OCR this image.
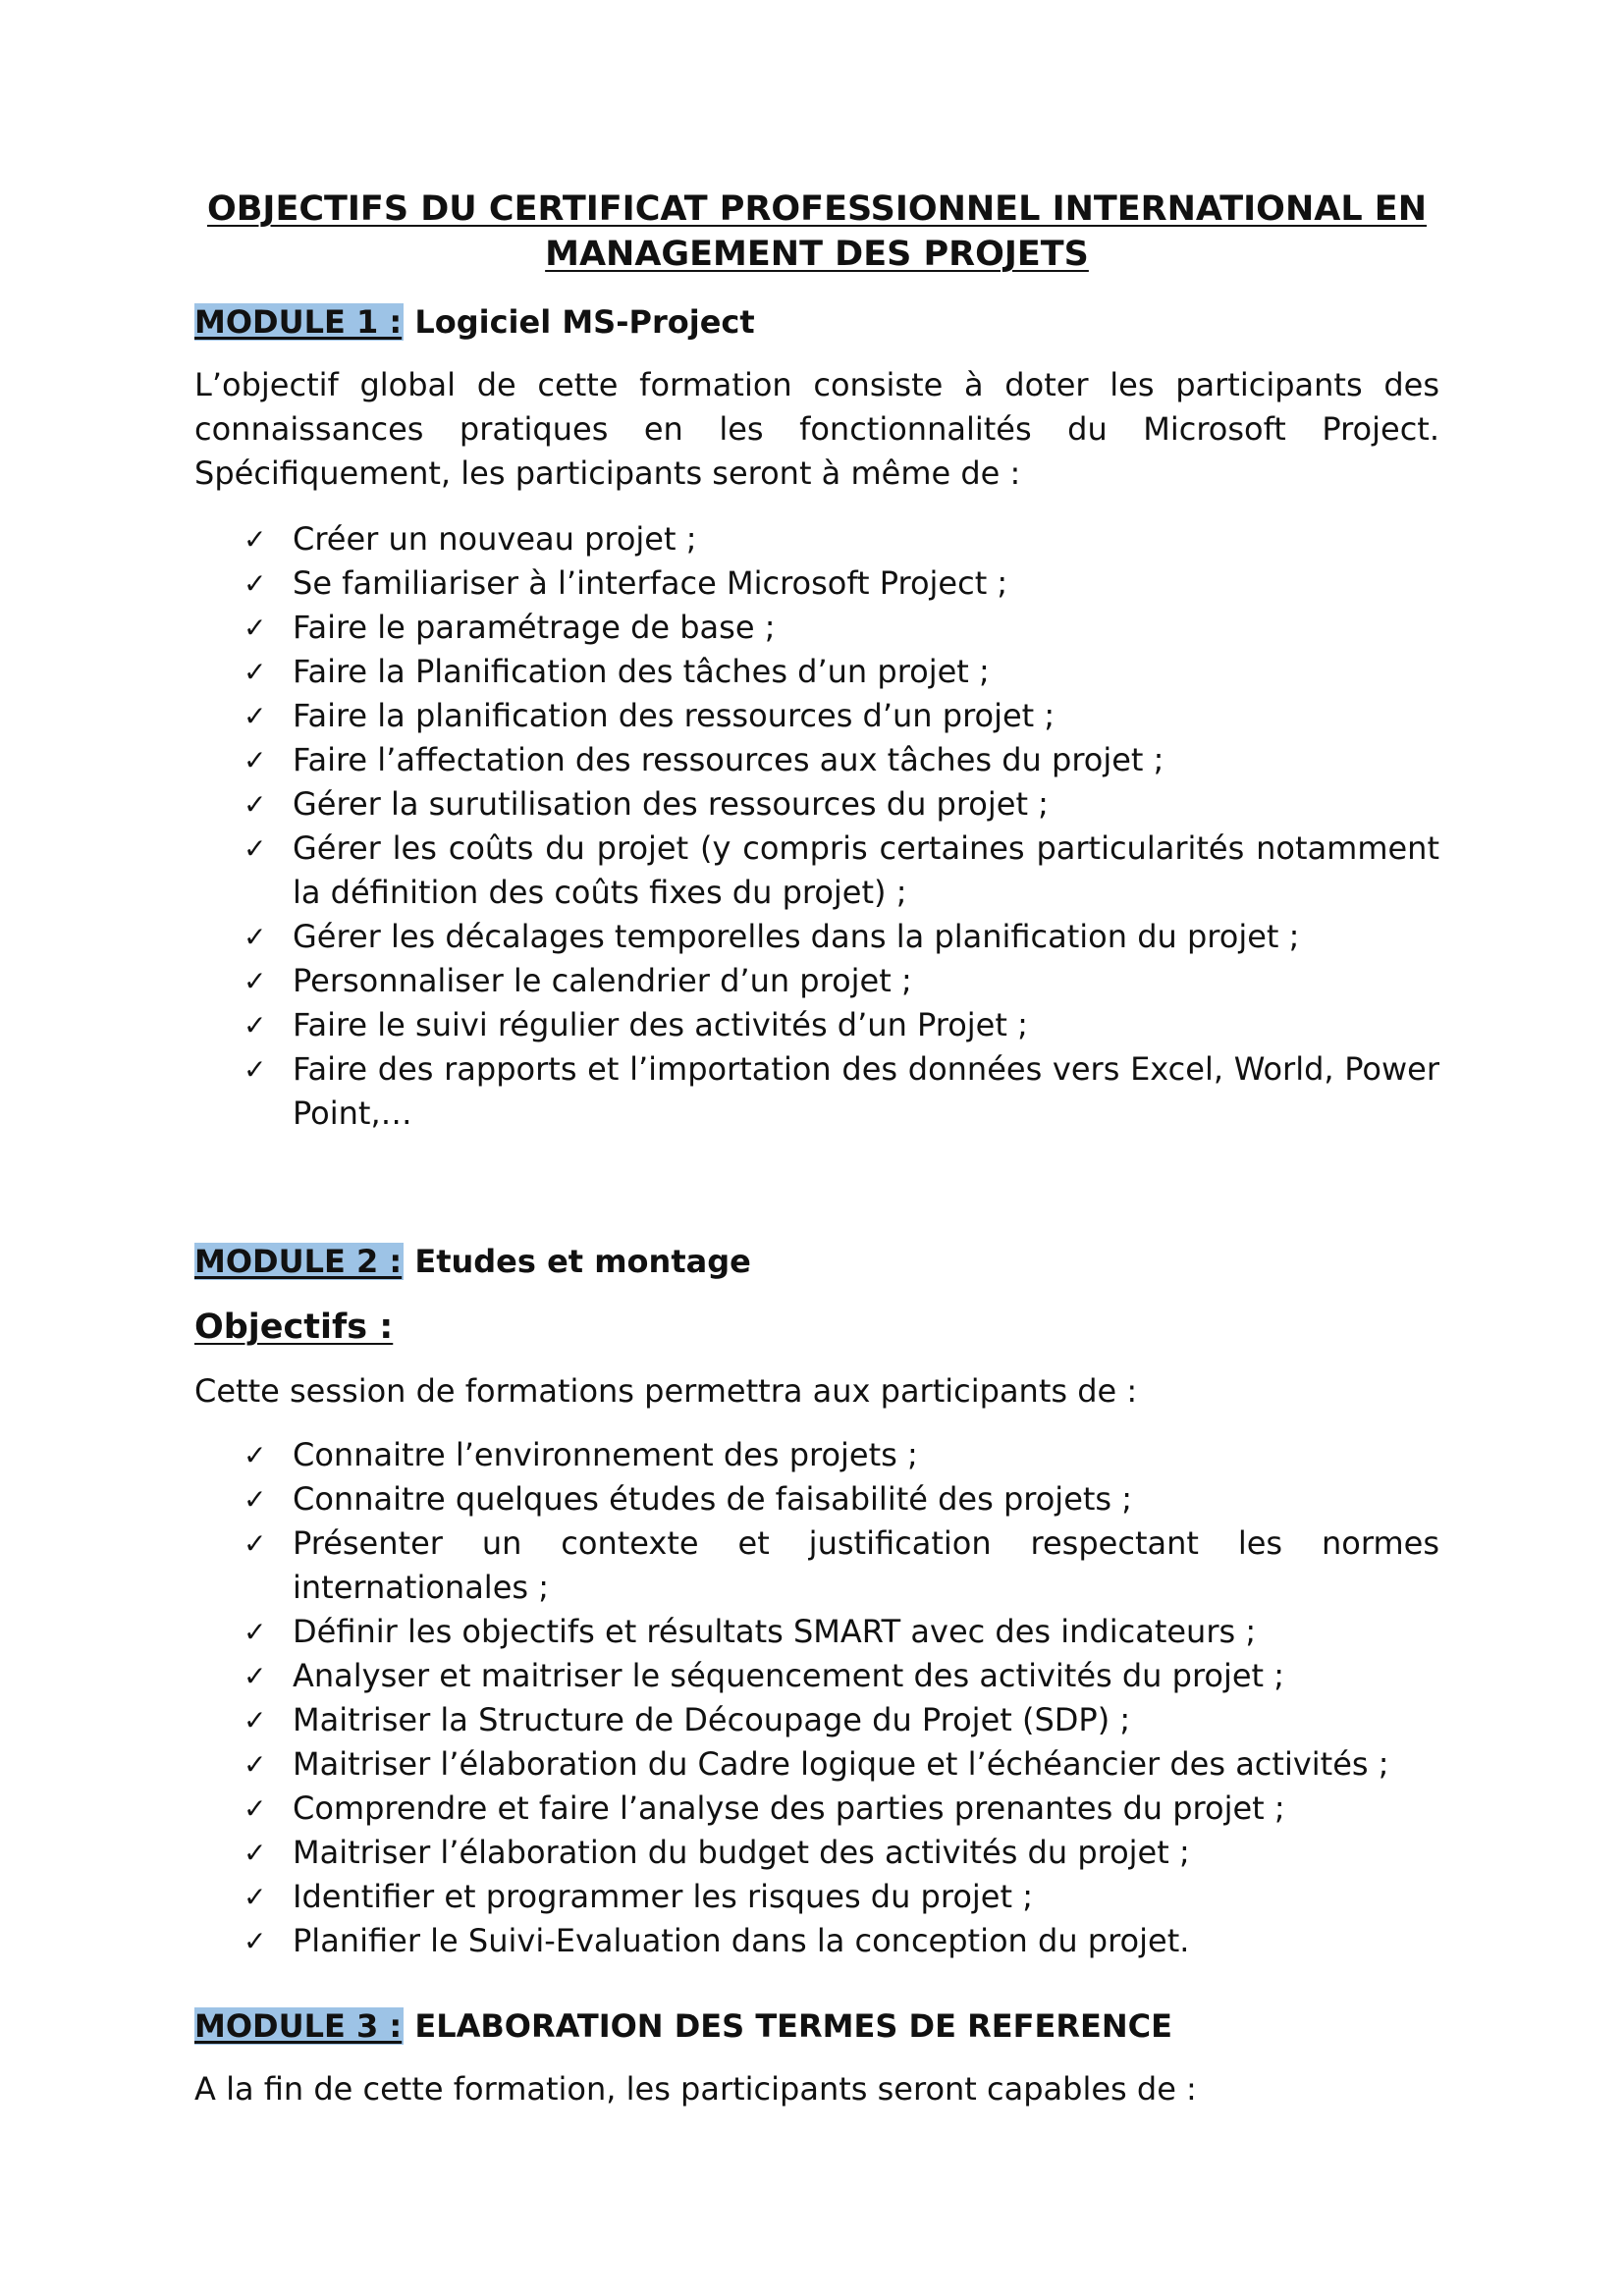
OBJECTIFS DU CERTIFICAT PROFESSIONNEL INTERNATIONAL EN
MANAGEMENT DES PROJETS

MODULE 1 : Logiciel MS-Project

L’objectif global de cette formation consiste à doter les participants des connaissances pratiques en les fonctionnalités du Microsoft Project. Spécifiquement, les participants seront à même de :

✓ Créer un nouveau projet ;
✓ Se familiariser à l’interface Microsoft Project ;
✓ Faire le paramétrage de base ;
✓ Faire la Planification des tâches d’un projet ;
✓ Faire la planification des ressources d’un projet ;
✓ Faire l’affectation des ressources aux tâches du projet ;
✓ Gérer la surutilisation des ressources du projet ;
✓ Gérer les coûts du projet (y compris certaines particularités notamment la définition des coûts fixes du projet) ;
✓ Gérer les décalages temporelles dans la planification du projet ;
✓ Personnaliser le calendrier d’un projet ;
✓ Faire le suivi régulier des activités d’un Projet ;
✓ Faire des rapports et l’importation des données vers Excel, World, Power Point,…

MODULE 2 : Etudes et montage

Objectifs :

Cette session de formations permettra aux participants de :

✓ Connaitre l’environnement des projets ;
✓ Connaitre quelques études de faisabilité des projets ;
✓ Présenter un contexte et justification respectant les normes internationales ;
✓ Définir les objectifs et résultats SMART avec des indicateurs ;
✓ Analyser et maitriser le séquencement des activités du projet ;
✓ Maitriser la Structure de Découpage du Projet (SDP) ;
✓ Maitriser l’élaboration du Cadre logique et l’échéancier des activités ;
✓ Comprendre et faire l’analyse des parties prenantes du projet ;
✓ Maitriser l’élaboration du budget des activités du projet ;
✓ Identifier et programmer les risques du projet ;
✓ Planifier le Suivi-Evaluation dans la conception du projet.

MODULE 3 : ELABORATION DES TERMES DE REFERENCE

A la fin de cette formation, les participants seront capables de :
